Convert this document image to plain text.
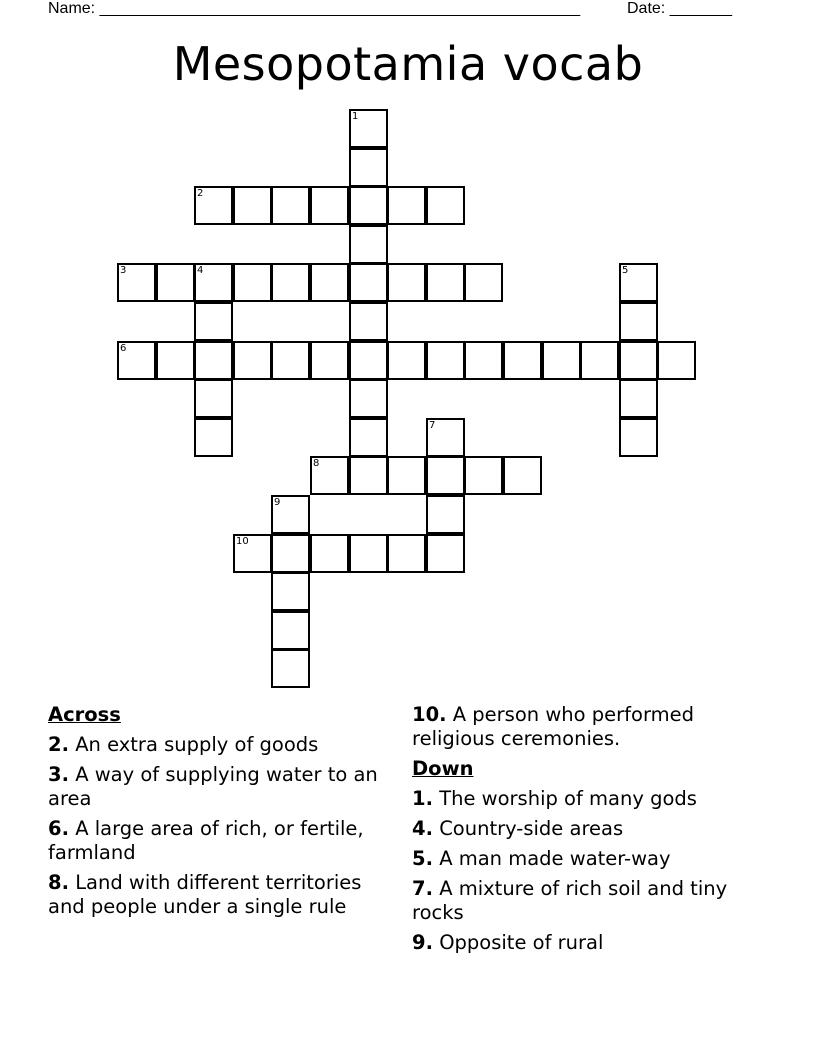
Name: ______________________________________________________	Date: _______
Mesopotamia vocab
1
2
3	4	5
6
7
8
9
10
Across
2. An extra supply of goods
3. A way of supplying water to an area
6. A large area of rich, or fertile, farmland
8. Land with different territories and people under a single rule
10. A person who performed religious ceremonies.
Down
1. The worship of many gods
4. Country-side areas
5. A man made water-way
7. A mixture of rich soil and tiny rocks
9. Opposite of rural
